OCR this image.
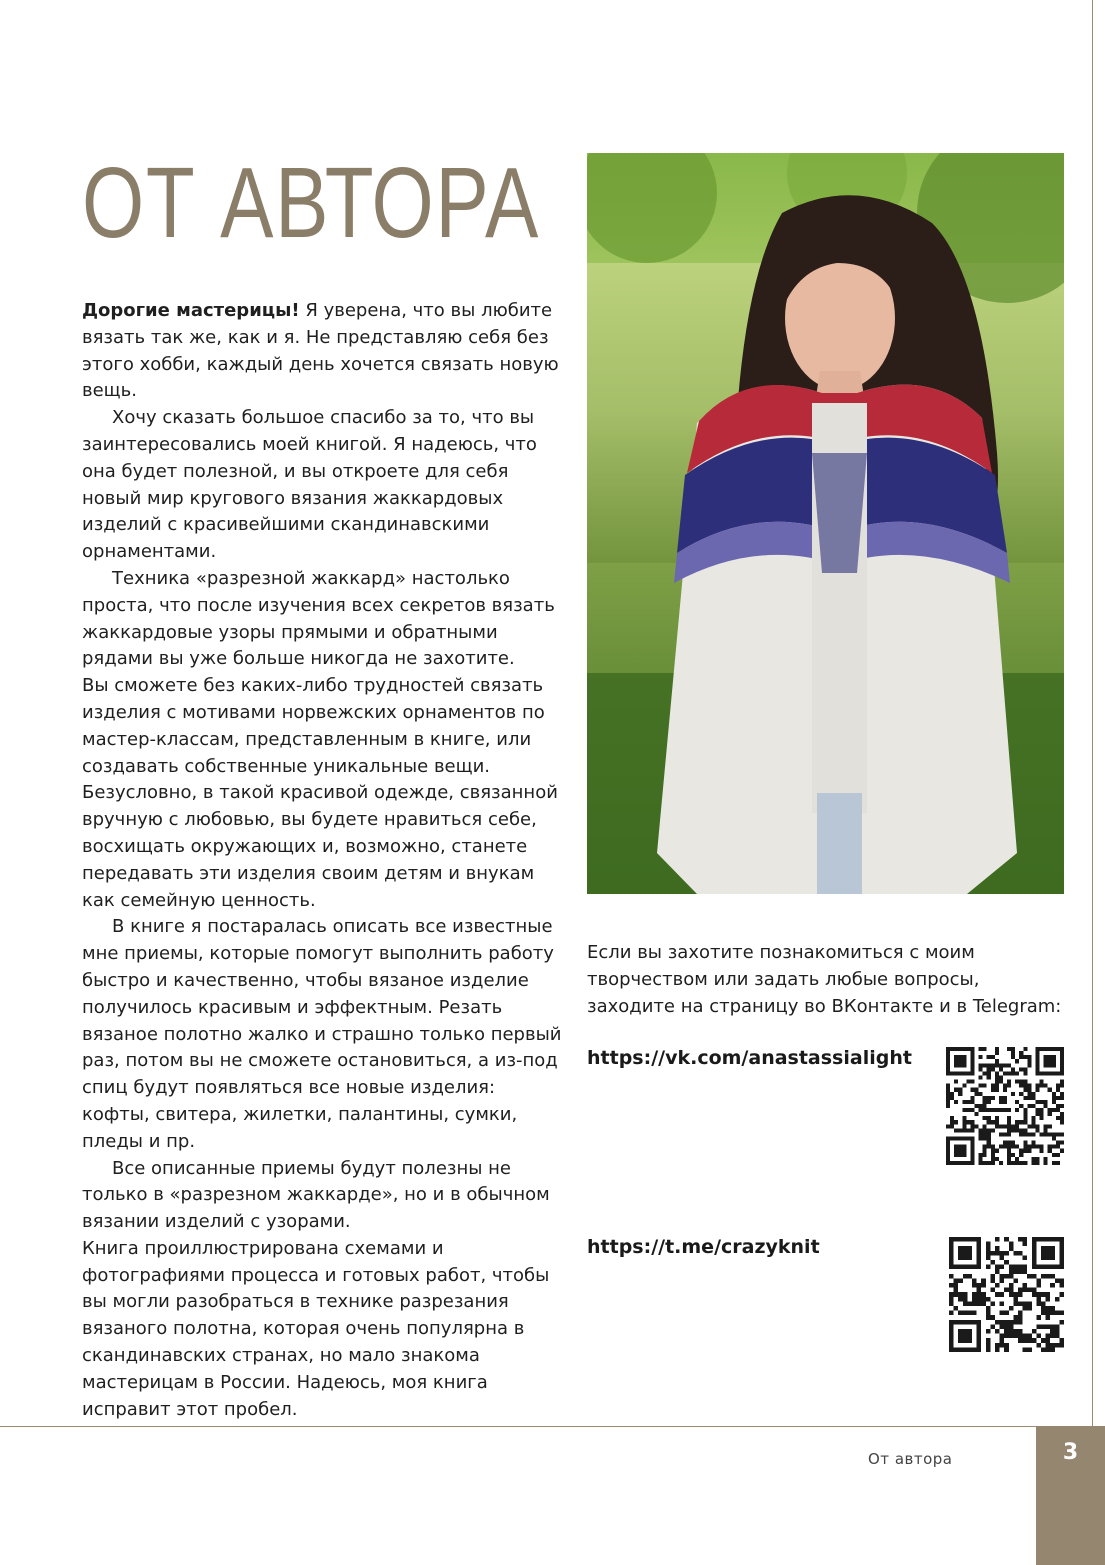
ОТ АВТОРА

Дорогие мастерицы! Я уверена, что вы любите вязать так же, как и я. Не представляю себя без этого хобби, каждый день хочется связать новую вещь.

Хочу сказать большое спасибо за то, что вы заинтересовались моей книгой. Я надеюсь, что она будет полезной, и вы откроете для себя новый мир кругового вязания жаккардовых изделий с красивейшими скандинавскими орнаментами.

Техника «разрезной жаккард» настолько проста, что после изучения всех секретов вязать жаккардовые узоры прямыми и обратными рядами вы уже больше никогда не захотите.

Вы сможете без каких-либо трудностей связать изделия с мотивами норвежских орнаментов по мастер-классам, представленным в книге, или создавать собственные уникальные вещи. Безусловно, в такой красивой одежде, связанной вручную с любовью, вы будете нравиться себе, восхищать окружающих и, возможно, станете передавать эти изделия своим детям и внукам как семейную ценность.

В книге я постаралась описать все известные мне приемы, которые помогут выполнить работу быстро и качественно, чтобы вязаное изделие получилось красивым и эффектным. Резать вязаное полотно жалко и страшно только первый раз, потом вы не сможете остановиться, а из-под спиц будут появляться все новые изделия: кофты, свитера, жилетки, палантины, сумки, пледы и пр.

Все описанные приемы будут полезны не только в «разрезном жаккарде», но и в обычном вязании изделий с узорами.

Книга проиллюстрирована схемами и фотографиями процесса и готовых работ, чтобы вы могли разобраться в технике разрезания вязаного полотна, которая очень популярна в скандинавских странах, но мало знакома мастерицам в России. Надеюсь, моя книга исправит этот пробел.

Если вы захотите познакомиться с моим творчеством или задать любые вопросы, заходите на страницу во ВКонтакте и в Telegram:

https://vk.com/anastassialight
https://t.me/crazyknit
От автора	3
